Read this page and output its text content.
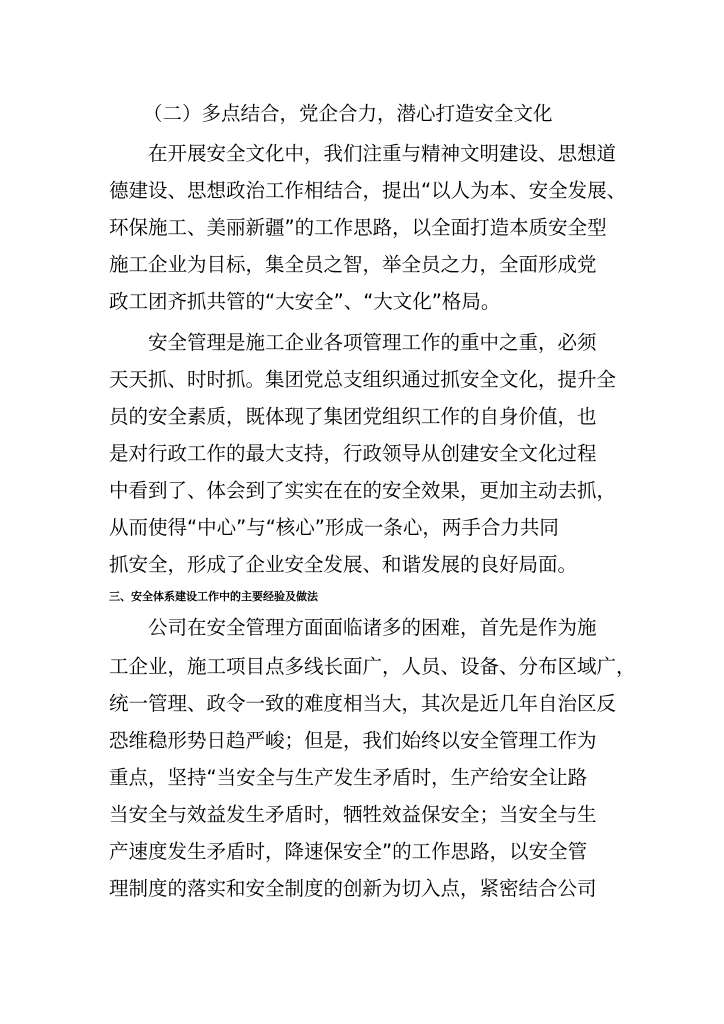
（二）多点结合，党企合力，潜心打造安全文化
在开展安全文化中，我们注重与精神文明建设、思想道
德建设、思想政治工作相结合，提出“以人为本、安全发展、
环保施工、美丽新疆”的工作思路，以全面打造本质安全型
施工企业为目标，集全员之智，举全员之力，全面形成党
政工团齐抓共管的“大安全”、“大文化”格局。
安全管理是施工企业各项管理工作的重中之重，必须
天天抓、时时抓。集团党总支组织通过抓安全文化，提升全
员的安全素质，既体现了集团党组织工作的自身价值，也
是对行政工作的最大支持，行政领导从创建安全文化过程
中看到了、体会到了实实在在的安全效果，更加主动去抓，
从而使得“中心”与“核心”形成一条心，两手合力共同
抓安全，形成了企业安全发展、和谐发展的良好局面。
三、安全体系建设工作中的主要经验及做法
公司在安全管理方面面临诸多的困难，首先是作为施
工企业，施工项目点多线长面广，人员、设备、分布区域广，
统一管理、政令一致的难度相当大，其次是近几年自治区反
恐维稳形势日趋严峻；但是，我们始终以安全管理工作为
重点，坚持“当安全与生产发生矛盾时，生产给安全让路
当安全与效益发生矛盾时，牺牲效益保安全；当安全与生
产速度发生矛盾时，降速保安全”的工作思路，以安全管
理制度的落实和安全制度的创新为切入点，紧密结合公司
